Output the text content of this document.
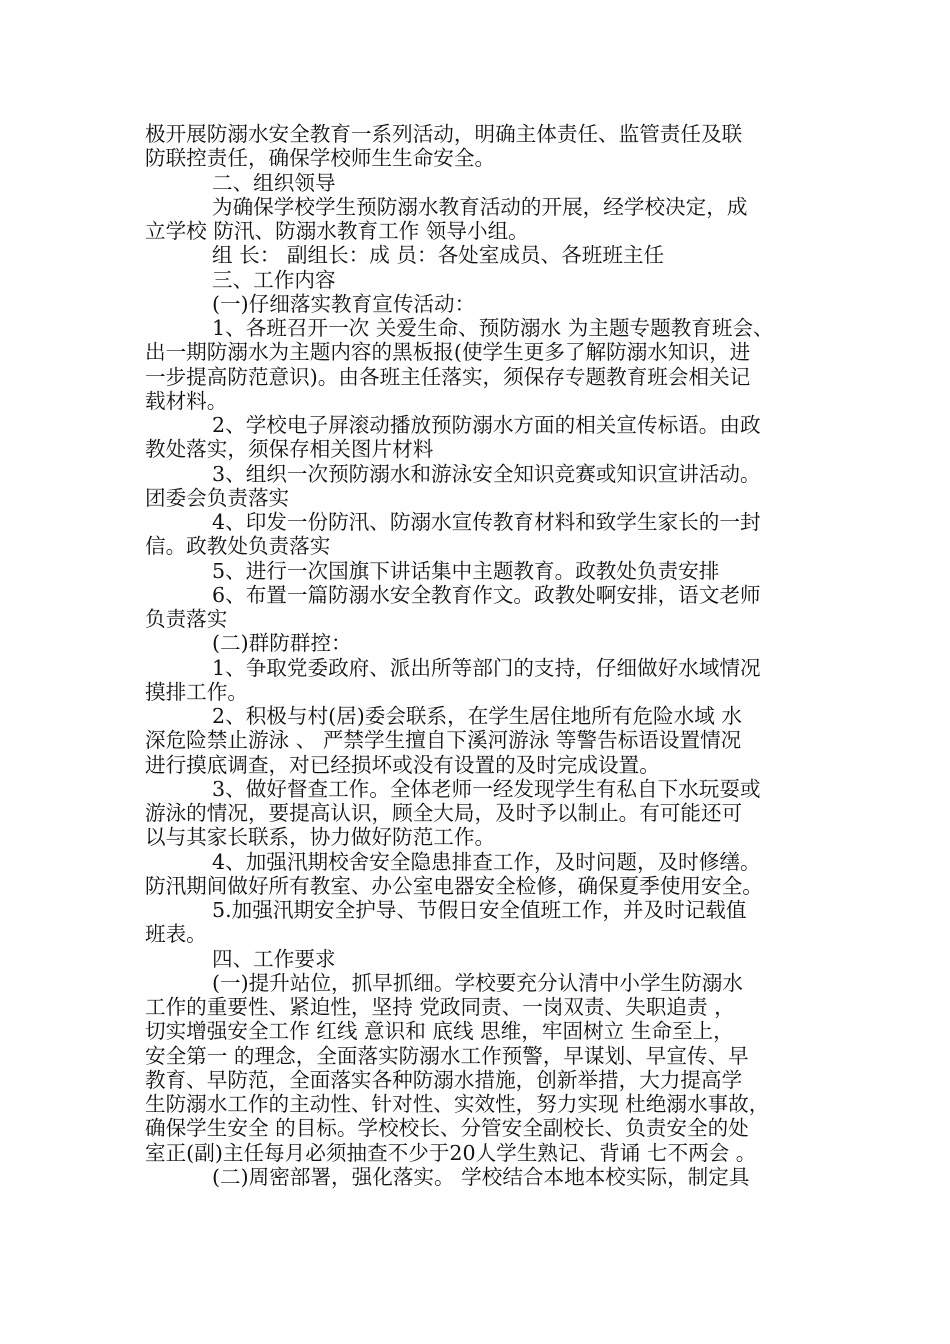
极开展防溺水安全教育一系列活动，明确主体责任、监管责任及联
防联控责任，确保学校师生生命安全。
二、组织领导
为确保学校学生预防溺水教育活动的开展，经学校决定，成
立学校 防汛、防溺水教育工作 领导小组。
组 长： 副组长：成 员：各处室成员、各班班主任
三、工作内容
(一)仔细落实教育宣传活动：
1、各班召开一次 关爱生命、预防溺水 为主题专题教育班会、
出一期防溺水为主题内容的黑板报(使学生更多了解防溺水知识，进
一步提高防范意识)。由各班主任落实，须保存专题教育班会相关记
载材料。
2、学校电子屏滚动播放预防溺水方面的相关宣传标语。由政
教处落实，须保存相关图片材料
3、组织一次预防溺水和游泳安全知识竞赛或知识宣讲活动。
团委会负责落实
4、印发一份防汛、防溺水宣传教育材料和致学生家长的一封
信。政教处负责落实
5、进行一次国旗下讲话集中主题教育。政教处负责安排
6、布置一篇防溺水安全教育作文。政教处啊安排，语文老师
负责落实
(二)群防群控：
1、争取党委政府、派出所等部门的支持，仔细做好水域情况
摸排工作。
2、积极与村(居)委会联系，在学生居住地所有危险水域 水
深危险禁止游泳 、 严禁学生擅自下溪河游泳 等警告标语设置情况
进行摸底调查，对已经损坏或没有设置的及时完成设置。
3、做好督查工作。全体老师一经发现学生有私自下水玩耍或
游泳的情况，要提高认识，顾全大局，及时予以制止。有可能还可
以与其家长联系，协力做好防范工作。
4、加强汛期校舍安全隐患排查工作，及时问题，及时修缮。
防汛期间做好所有教室、办公室电器安全检修，确保夏季使用安全。
5.加强汛期安全护导、节假日安全值班工作，并及时记载值
班表。
四、工作要求
(一)提升站位，抓早抓细。学校要充分认清中小学生防溺水
工作的重要性、紧迫性，坚持 党政同责、一岗双责、失职追责 ，
切实增强安全工作 红线 意识和 底线 思维，牢固树立 生命至上，
安全第一 的理念，全面落实防溺水工作预警，早谋划、早宣传、早
教育、早防范，全面落实各种防溺水措施，创新举措，大力提高学
生防溺水工作的主动性、针对性、实效性，努力实现 杜绝溺水事故，
确保学生安全 的目标。学校校长、分管安全副校长、负责安全的处
室正(副)主任每月必须抽查不少于20人学生熟记、背诵 七不两会 。
(二)周密部署，强化落实。 学校结合本地本校实际，制定具
